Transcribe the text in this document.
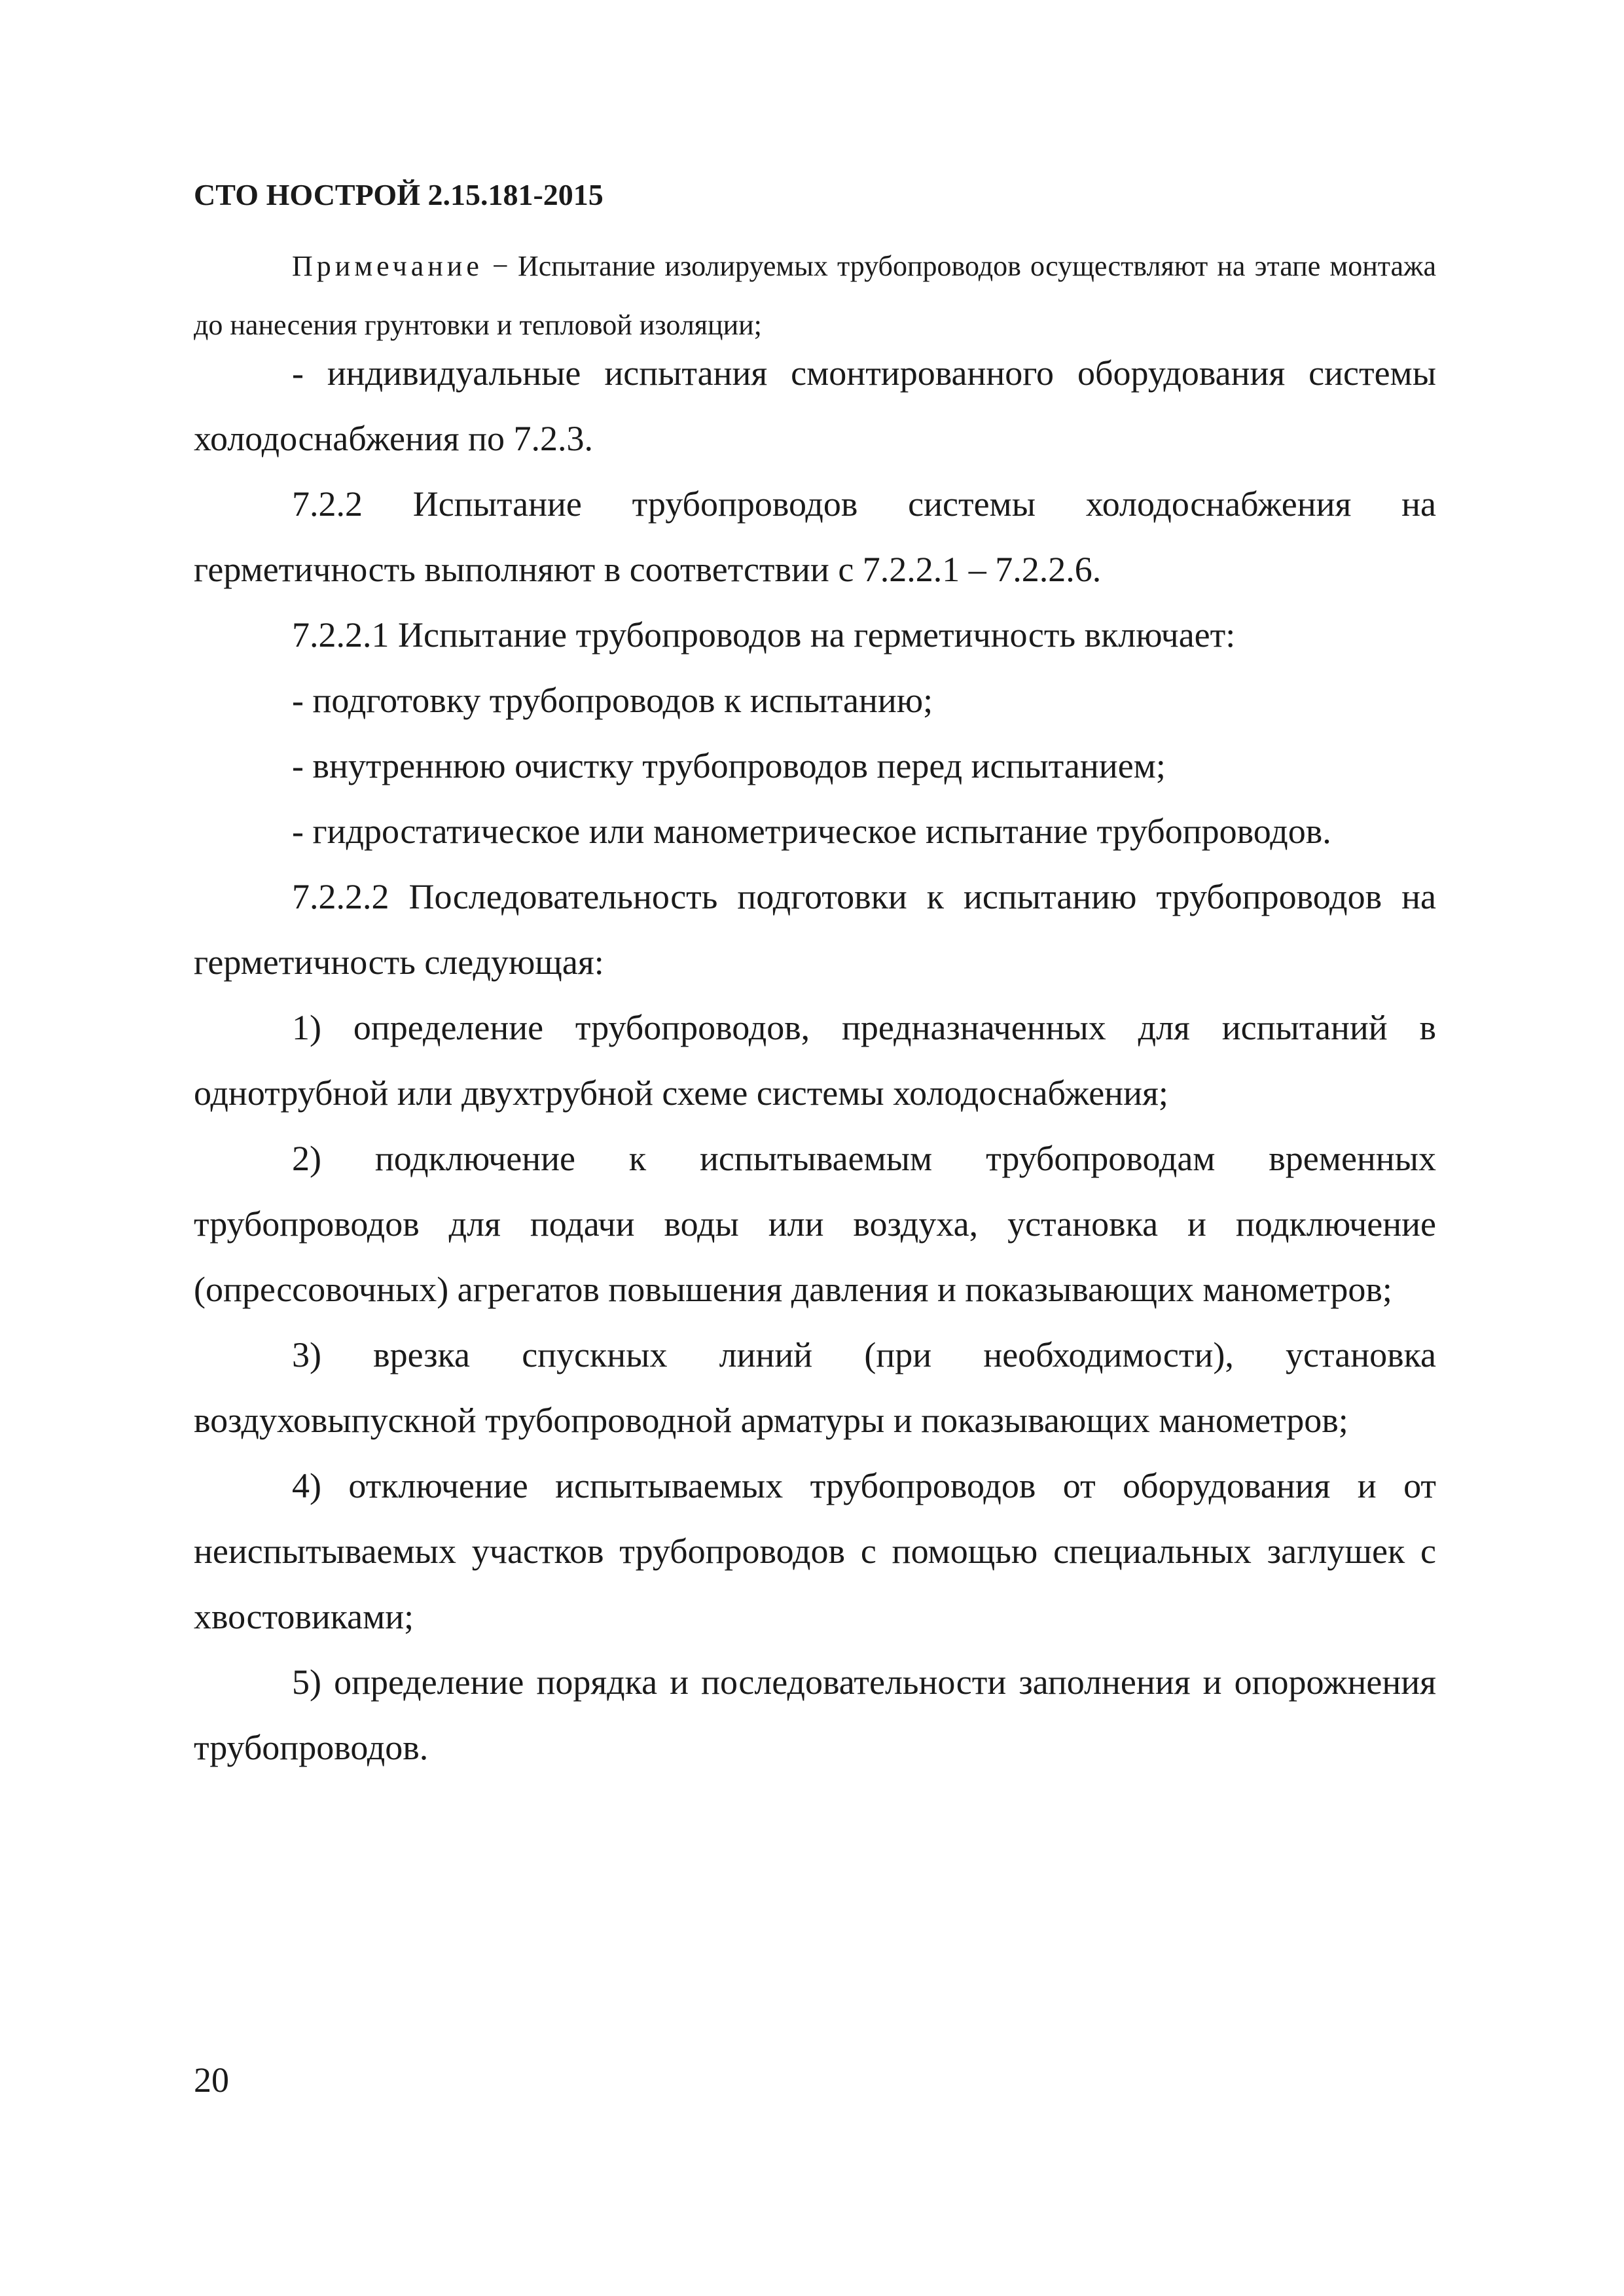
СТО НОСТРОЙ 2.15.181-2015
Примечание − Испытание изолируемых трубопроводов осуществляют на этапе монтажа до нанесения грунтовки и тепловой изоляции;

- индивидуальные испытания смонтированного оборудования системы холодоснабжения по 7.2.3.

7.2.2 Испытание трубопроводов системы холодоснабжения на герметичность выполняют в соответствии с 7.2.2.1 – 7.2.2.6.

7.2.2.1 Испытание трубопроводов на герметичность включает:

- подготовку трубопроводов к испытанию;

- внутреннюю очистку трубопроводов перед испытанием;

- гидростатическое или манометрическое испытание трубопроводов.

7.2.2.2 Последовательность подготовки к испытанию трубопроводов на герметичность следующая:

1) определение трубопроводов, предназначенных для испытаний в однотрубной или двухтрубной схеме системы холодоснабжения;

2) подключение к испытываемым трубопроводам временных трубопроводов для подачи воды или воздуха, установка и подключение (опрессовочных) агрегатов повышения давления и показывающих манометров;

3) врезка спускных линий (при необходимости), установка воздуховыпускной трубопроводной арматуры и показывающих манометров;

4) отключение испытываемых трубопроводов от оборудования и от неиспытываемых участков трубопроводов с помощью специальных заглушек с хвостовиками;

5) определение порядка и последовательности заполнения и опорожнения трубопроводов.

20
